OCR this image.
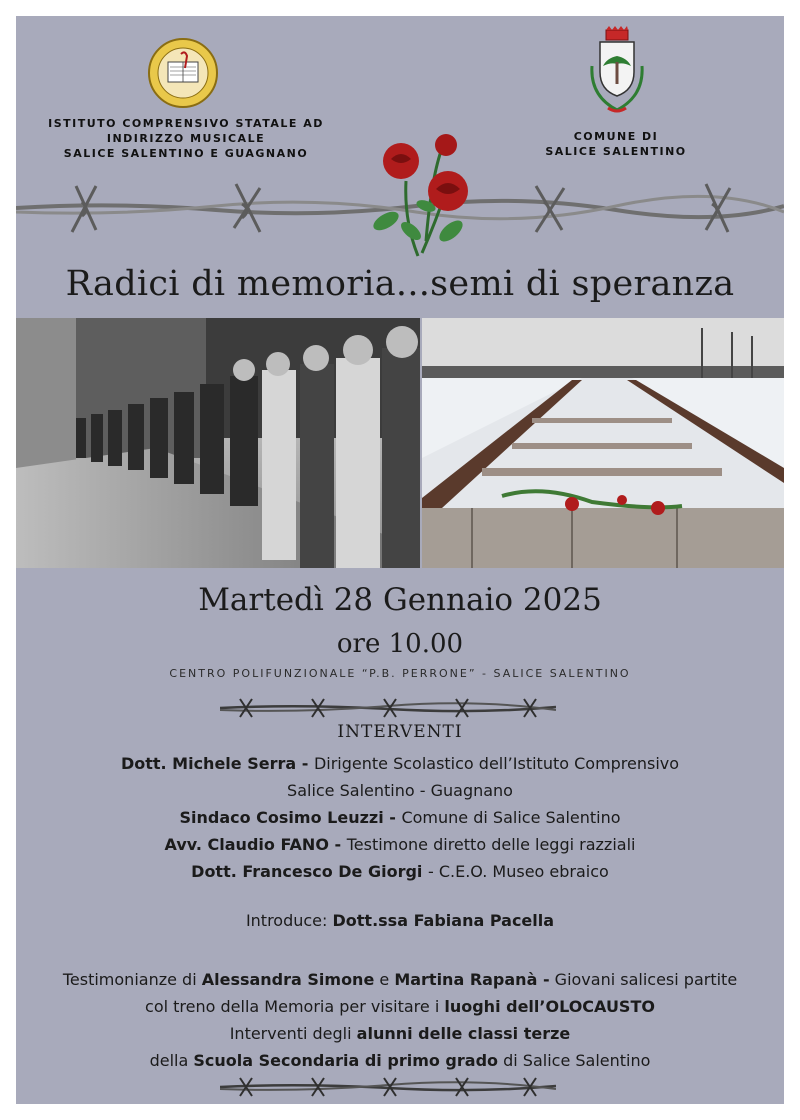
ISTITUTO COMPRENSIVO STATALE AD
INDIRIZZO MUSICALE
SALICE SALENTINO E GUAGNANO
COMUNE DI
SALICE SALENTINO
Radici di memoria...semi di speranza
Martedì 28 Gennaio 2025
ore 10.00
CENTRO POLIFUNZIONALE “P.B. PERRONE” - SALICE SALENTINO
INTERVENTI
Dott. Michele Serra - Dirigente Scolastico dell’Istituto Comprensivo
Salice Salentino - Guagnano
Sindaco Cosimo Leuzzi - Comune di Salice Salentino
Avv. Claudio FANO - Testimone diretto delle leggi razziali
Dott. Francesco De Giorgi - C.E.O. Museo ebraico
Introduce: Dott.ssa Fabiana Pacella
Testimonianze di Alessandra Simone e Martina Rapanà - Giovani salicesi partite
col treno della Memoria per visitare i luoghi dell’OLOCAUSTO
Interventi degli alunni delle classi terze
della Scuola Secondaria di primo grado di Salice Salentino
